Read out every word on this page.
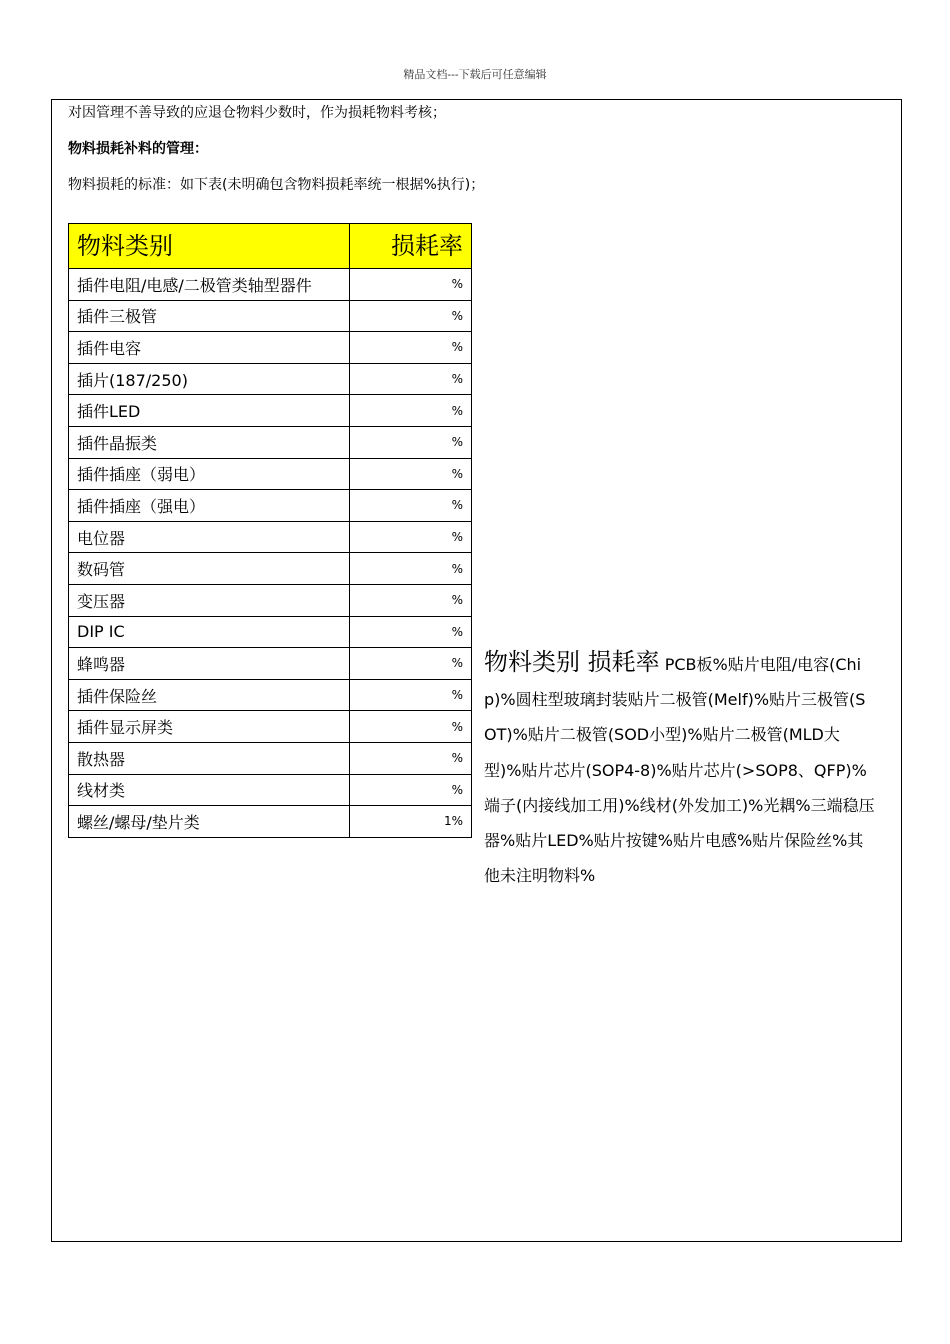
精品文档---下载后可任意编辑
对因管理不善导致的应退仓物料少数时，作为损耗物料考核；
物料损耗补料的管理：
物料损耗的标准：如下表(未明确包含物料损耗率统一根据%执行)；
物料类别	损耗率
插件电阻/电感/二极管类轴型器件	%
插件三极管	%
插件电容	%
插片(187/250)	%
插件LED	%
插件晶振类	%
插件插座（弱电）	%
插件插座（强电）	%
电位器	%
数码管	%
变压器	%
DIP IC	%
蜂鸣器	%
插件保险丝	%
插件显示屏类	%
散热器	%
线材类	%
螺丝/螺母/垫片类	1%
物料类别 损耗率 PCB板%贴片电阻/电容(Chip)%圆柱型玻璃封装贴片二极管(Melf)%贴片三极管(SOT)%贴片二极管(SOD小型)%贴片二极管(MLD大型)%贴片芯片(SOP4-8)%贴片芯片(>SOP8、QFP)%端子(内接线加工用)%线材(外发加工)%光耦%三端稳压器%贴片LED%贴片按键%贴片电感%贴片保险丝%其他未注明物料%
